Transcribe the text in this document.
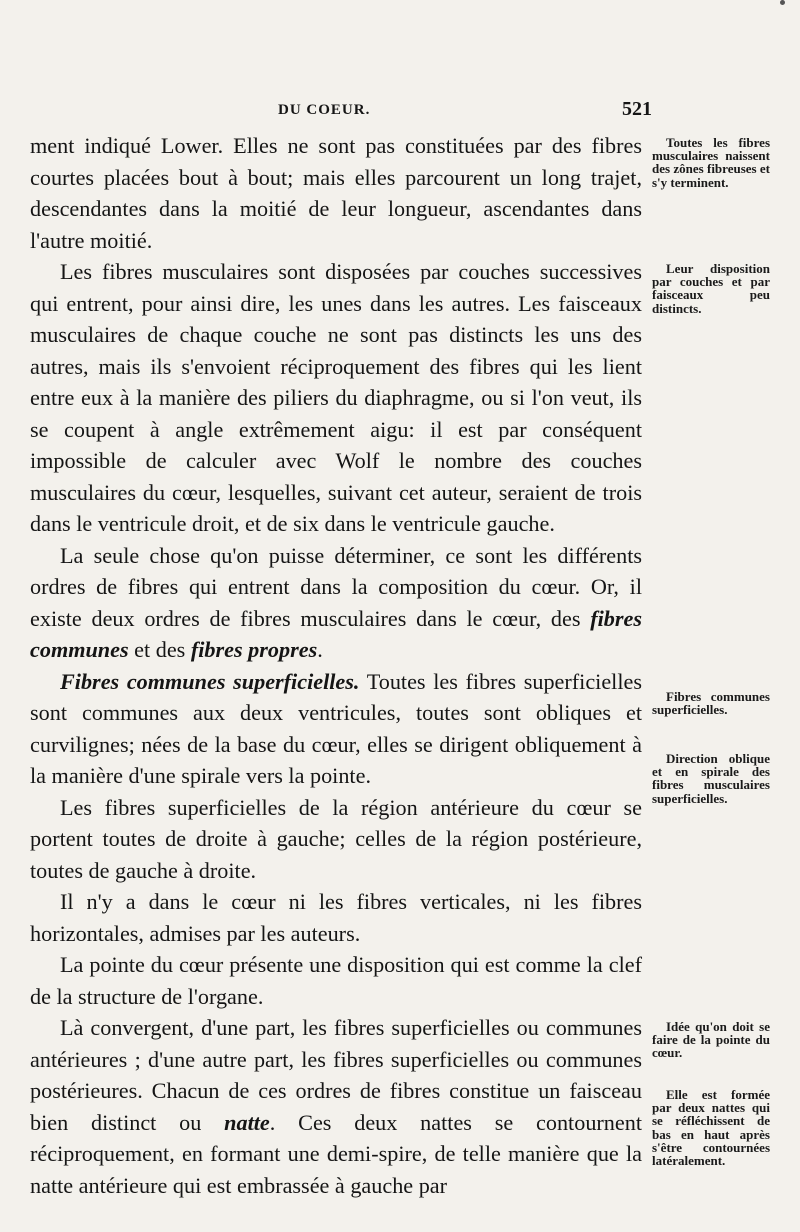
DU COEUR.	521

ment indiqué Lower. Elles ne sont pas constituées par des fibres courtes placées bout à bout; mais elles parcourent un long trajet, descendantes dans la moitié de leur longueur, ascendantes dans l'autre moitié.

Les fibres musculaires sont disposées par couches successives qui entrent, pour ainsi dire, les unes dans les autres. Les faisceaux musculaires de chaque couche ne sont pas distincts les uns des autres, mais ils s'envoient réciproquement des fibres qui les lient entre eux à la manière des piliers du diaphragme, ou si l'on veut, ils se coupent à angle extrêmement aigu: il est par conséquent impossible de calculer avec Wolf le nombre des couches musculaires du cœur, lesquelles, suivant cet auteur, seraient de trois dans le ventricule droit, et de six dans le ventricule gauche.

La seule chose qu'on puisse déterminer, ce sont les différents ordres de fibres qui entrent dans la composition du cœur. Or, il existe deux ordres de fibres musculaires dans le cœur, des fibres communes et des fibres propres.

Fibres communes superficielles. Toutes les fibres superficielles sont communes aux deux ventricules, toutes sont obliques et curvilignes; nées de la base du cœur, elles se dirigent obliquement à la manière d'une spirale vers la pointe.

Les fibres superficielles de la région antérieure du cœur se portent toutes de droite à gauche; celles de la région postérieure, toutes de gauche à droite.

Il n'y a dans le cœur ni les fibres verticales, ni les fibres horizontales, admises par les auteurs.

La pointe du cœur présente une disposition qui est comme la clef de la structure de l'organe.

Là convergent, d'une part, les fibres superficielles ou communes antérieures ; d'une autre part, les fibres superficielles ou communes postérieures. Chacun de ces ordres de fibres constitue un faisceau bien distinct ou natte. Ces deux nattes se contournent réciproquement, en formant une demi-spire, de telle manière que la natte antérieure qui est embrassée à gauche par

Toutes les fibres musculaires naissent des zônes fibreuses et s'y terminent.
Leur disposition par couches et par faisceaux peu distincts.
Fibres communes superficielles.
Direction oblique et en spirale des fibres musculaires superficielles.
Idée qu'on doit se faire de la pointe du cœur.
Elle est formée par deux nattes qui se réfléchissent de bas en haut après s'être contournées latéralement.
